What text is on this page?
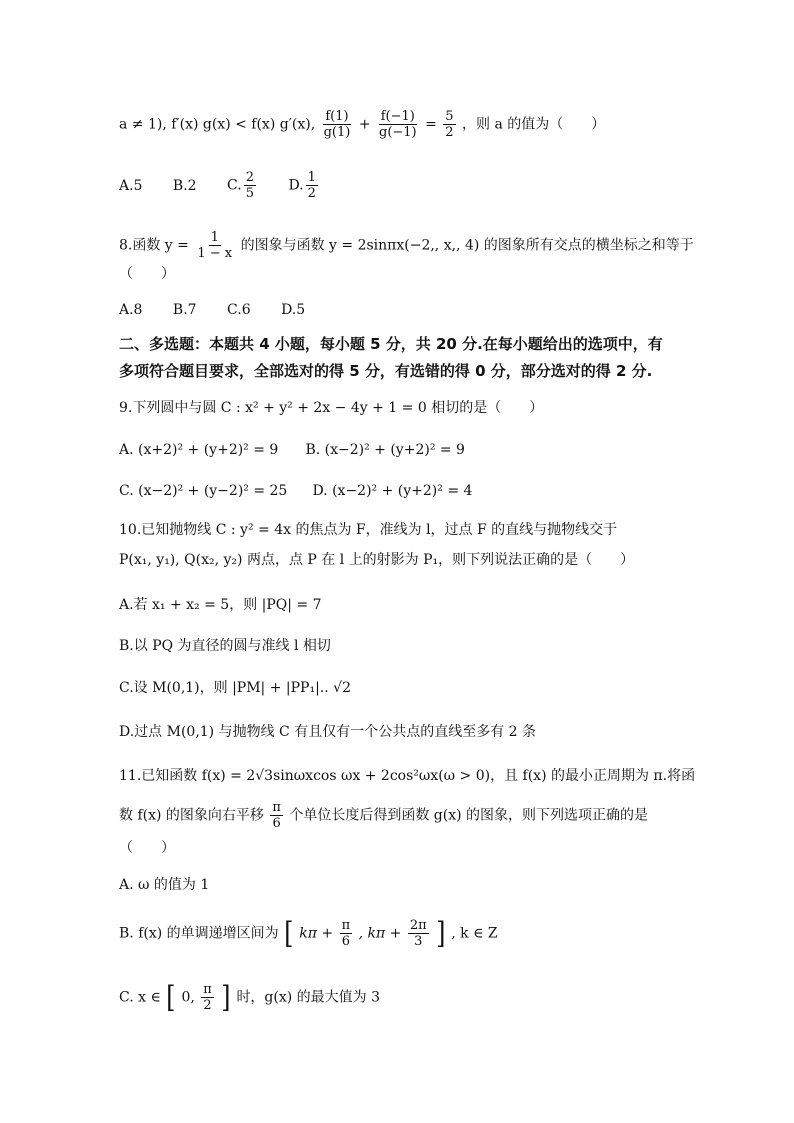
a ≠ 1), f′(x) g(x) < f(x) g′(x), $\frac{f(1)}{g(1)} + \frac{f(-1)}{g(-1)} = \frac{5}{2}$ ，则 a 的值为（　　）
A.5 B.2 C. $\frac{2}{5} D$. $\frac{1}{2}$
8.函数 $y = \frac{1}{1 - x}$ 的图象与函数 y = 2sinπx(−2,, x,, 4) 的图象所有交点的横坐标之和等于
（　　）
A.8 B.7 C.6 D.5
二、多选题：本题共 4 小题，每小题 5 分，共 20 分.在每小题给出的选项中，有
多项符合题目要求，全部选对的得 5 分，有选错的得 0 分，部分选对的得 2 分.
9.下列圆中与圆 C : x² + y² + 2x − 4y + 1 = 0 相切的是（　　）
A. (x+2)² + (y+2)² = 9 B. (x−2)² + (y+2)² = 9
C. (x−2)² + (y−2)² = 25 D. (x−2)² + (y+2)² = 4
10.已知抛物线 C : y² = 4x 的焦点为 F，准线为 l，过点 F 的直线与抛物线交于
P(x₁, y₁), Q(x₂, y₂) 两点，点 P 在 l 上的射影为 P₁，则下列说法正确的是（　　）
A.若 x₁ + x₂ = 5，则 |PQ| = 7
B.以 PQ 为直径的圆与准线 l 相切
C.设 M(0,1)，则 |PM| + |PP₁|.. √2
D.过点 M(0,1) 与抛物线 C 有且仅有一个公共点的直线至多有 2 条
11.已知函数 f(x) = 2√3sinωxcos ωx + 2cos²ωx(ω > 0)，且 f(x) 的最小正周期为 π.将函
数 f(x) 的图象向右平移 $\frac{\pi}{6}$ 个单位长度后得到函数 g(x) 的图象，则下列选项正确的是
（　　）
A. ω 的值为 1
B. f(x) 的单调递增区间为 [ $k\pi + \frac{\pi}{6}$ , $k\pi + \frac{2\pi}{3}$ ] , k ∈ Z
C. x ∈ [ 0, $\frac{\pi}{2}$ ] 时，g(x) 的最大值为 3
